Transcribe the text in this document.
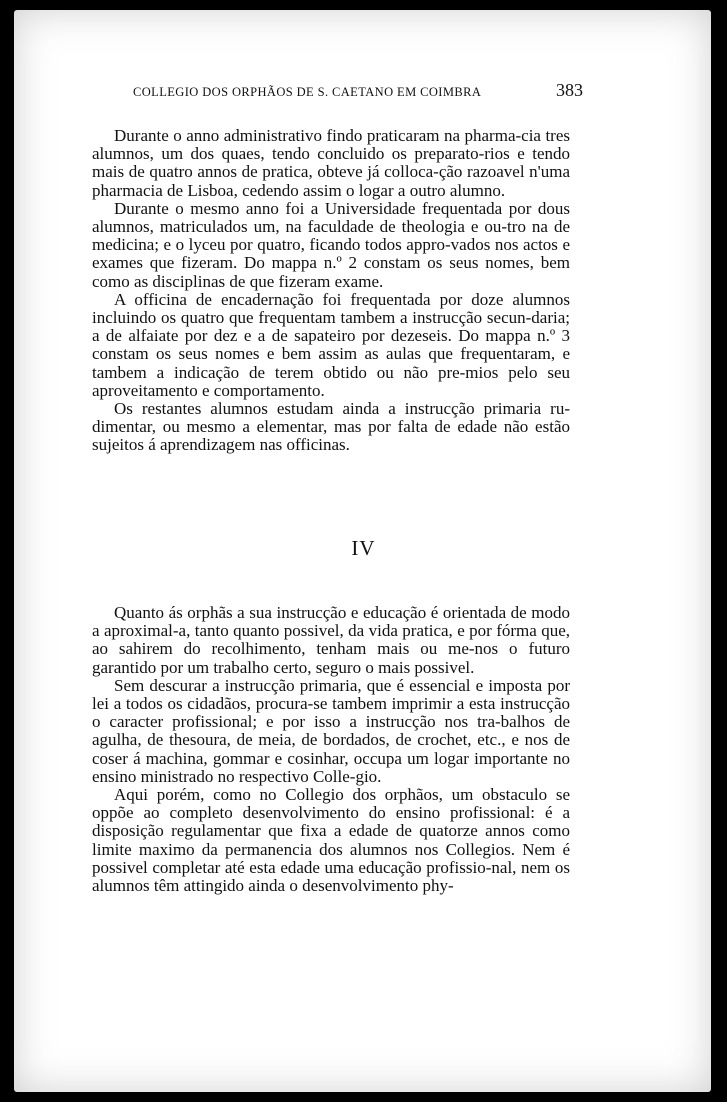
COLLEGIO DOS ORPHÃOS DE S. CAETANO EM COIMBRA	383

Durante o anno administrativo findo praticaram na pharma-cia tres alumnos, um dos quaes, tendo concluido os preparato-rios e tendo mais de quatro annos de pratica, obteve já colloca-ção razoavel n'uma pharmacia de Lisboa, cedendo assim o logar a outro alumno.

Durante o mesmo anno foi a Universidade frequentada por dous alumnos, matriculados um, na faculdade de theologia e ou-tro na de medicina; e o lyceu por quatro, ficando todos appro-vados nos actos e exames que fizeram. Do mappa n.º 2 constam os seus nomes, bem como as disciplinas de que fizeram exame.

A officina de encadernação foi frequentada por doze alumnos incluindo os quatro que frequentam tambem a instrucção secun-daria; a de alfaiate por dez e a de sapateiro por dezeseis. Do mappa n.º 3 constam os seus nomes e bem assim as aulas que frequentaram, e tambem a indicação de terem obtido ou não pre-mios pelo seu aproveitamento e comportamento.

Os restantes alumnos estudam ainda a instrucção primaria ru-dimentar, ou mesmo a elementar, mas por falta de edade não estão sujeitos á aprendizagem nas officinas.

IV

Quanto ás orphãs a sua instrucção e educação é orientada de modo a aproximal-a, tanto quanto possivel, da vida pratica, e por fórma que, ao sahirem do recolhimento, tenham mais ou me-nos o futuro garantido por um trabalho certo, seguro o mais possivel.

Sem descurar a instrucção primaria, que é essencial e imposta por lei a todos os cidadãos, procura-se tambem imprimir a esta instrucção o caracter profissional; e por isso a instrucção nos tra-balhos de agulha, de thesoura, de meia, de bordados, de crochet, etc., e nos de coser á machina, gommar e cosinhar, occupa um logar importante no ensino ministrado no respectivo Colle-gio.

Aqui porém, como no Collegio dos orphãos, um obstaculo se oppõe ao completo desenvolvimento do ensino profissional: é a disposição regulamentar que fixa a edade de quatorze annos como limite maximo da permanencia dos alumnos nos Collegios. Nem é possivel completar até esta edade uma educação profissio-nal, nem os alumnos têm attingido ainda o desenvolvimento phy-
